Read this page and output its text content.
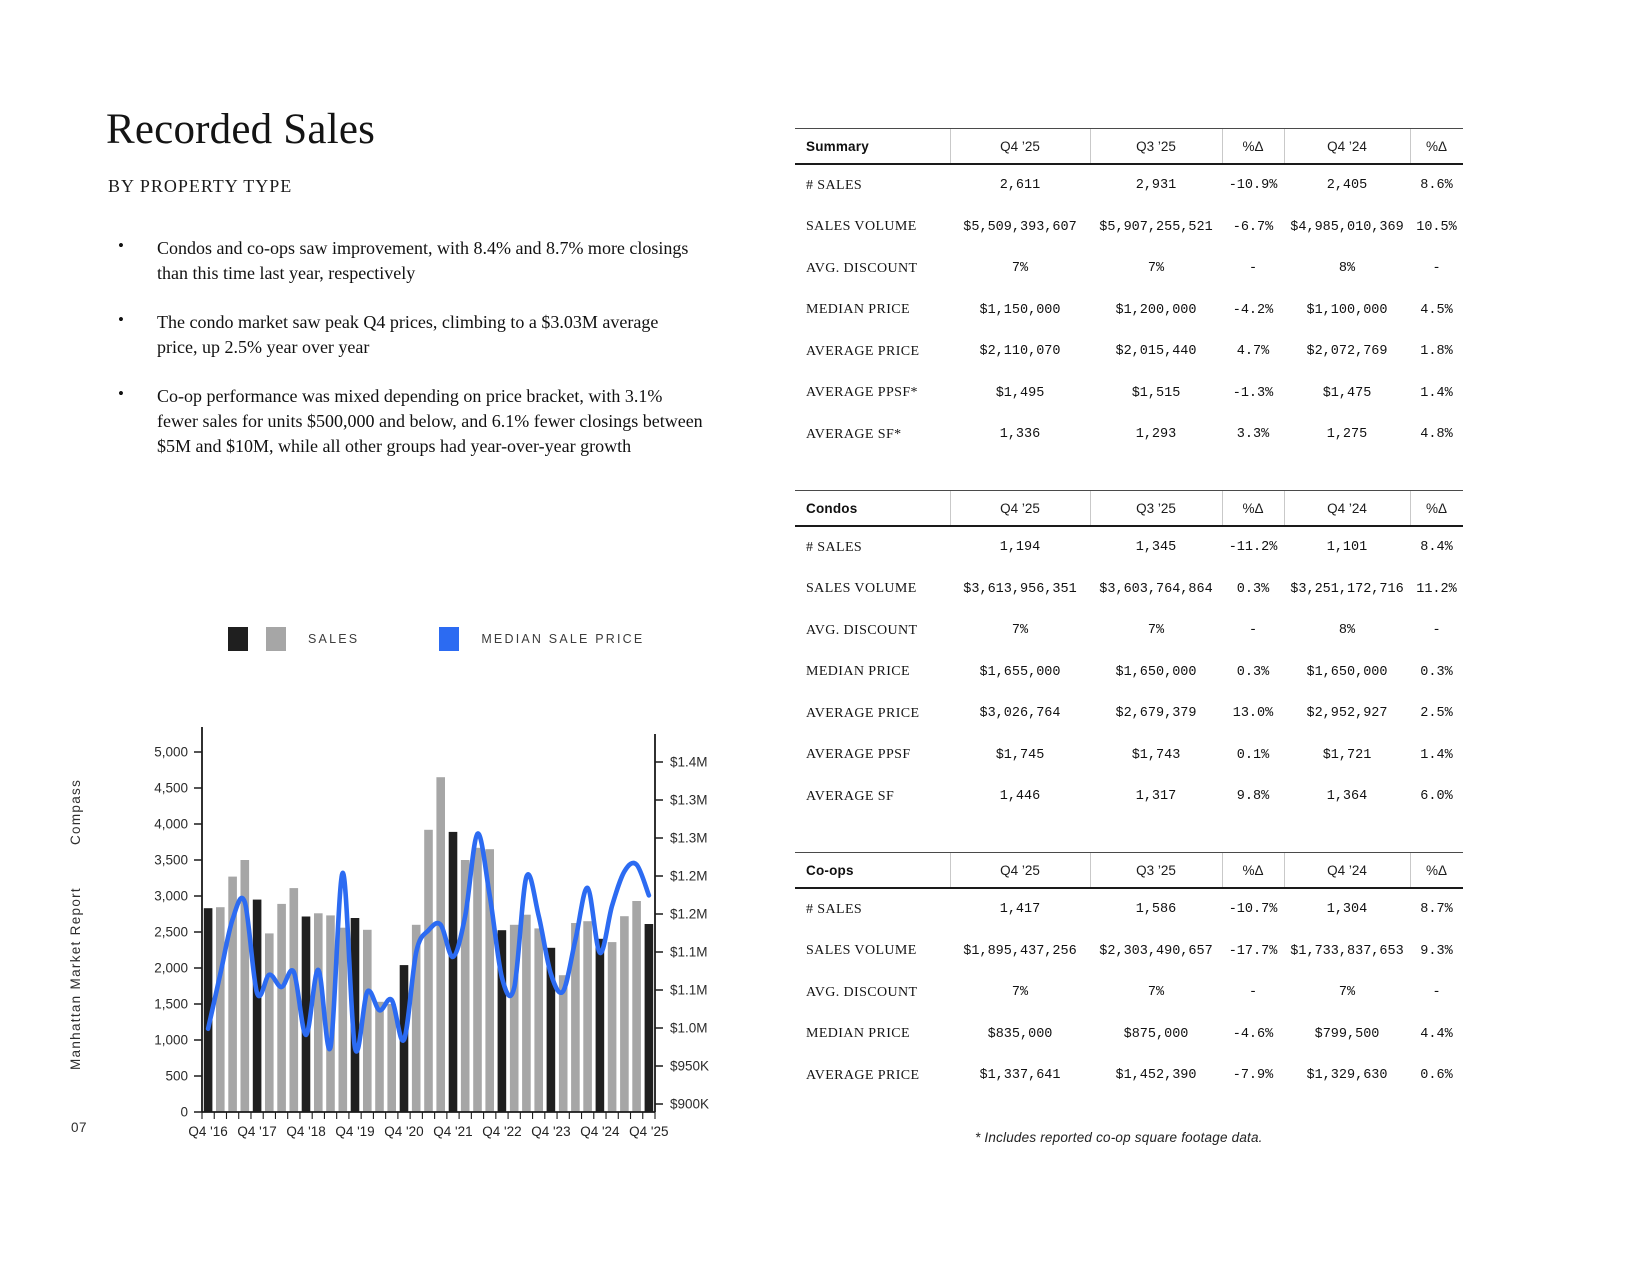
Manhattan Market Report
Compass
07
Recorded Sales
BY PROPERTY TYPE
•	Condos and co-ops saw improvement, with 8.4% and 8.7% more closings than this time last year, respectively
•	The condo market saw peak Q4 prices, climbing to a $3.03M average price, up 2.5% year over year
•	Co-op performance was mixed depending on price bracket, with 3.1% fewer sales for units $500,000 and below, and 6.1% fewer closings between $5M and $10M, while all other groups had year-over-year growth
SALES	MEDIAN SALE PRICE
5,000
4,500
4,000
3,500
3,000
2,500
2,000
1,500
1,000
500
0
$1.4M
$1.3M
$1.3M
$1.2M
$1.2M
$1.1M
$1.1M
$1.0M
$950K
$900K
Q4 '16 Q4 '17 Q4 '18 Q4 '19 Q4 '20 Q4 '21 Q4 '22 Q4 '23 Q4 '24 Q4 '25
Summary	Q4 ’25	Q3 ’25	%Δ	Q4 ’24	%Δ
# SALES	2,611	2,931	-10.9%	2,405	8.6%
SALES VOLUME	$5,509,393,607	$5,907,255,521	-6.7%	$4,985,010,369 10.5%
AVG. DISCOUNT	7%	7%	-	8%	-
MEDIAN PRICE	$1,150,000	$1,200,000	-4.2%	$1,100,000	4.5%
AVERAGE PRICE	$2,110,070	$2,015,440	4.7%	$2,072,769	1.8%
AVERAGE PPSF*	$1,495	$1,515	-1.3%	$1,475	1.4%
AVERAGE SF*	1,336	1,293	3.3%	1,275	4.8%
Condos	Q4 ’25	Q3 ’25	%Δ	Q4 ’24	%Δ
# SALES	1,194	1,345	-11.2%	1,101	8.4%
SALES VOLUME	$3,613,956,351	$3,603,764,864	0.3%	$3,251,172,716 11.2%
AVG. DISCOUNT	7%	7%	-	8%	-
MEDIAN PRICE	$1,655,000	$1,650,000	0.3%	$1,650,000	0.3%
AVERAGE PRICE	$3,026,764	$2,679,379	13.0%	$2,952,927	2.5%
AVERAGE PPSF	$1,745	$1,743	0.1%	$1,721	1.4%
AVERAGE SF	1,446	1,317	9.8%	1,364	6.0%
Co-ops	Q4 ’25	Q3 ’25	%Δ	Q4 ’24	%Δ
# SALES	1,417	1,586	-10.7%	1,304	8.7%
SALES VOLUME	$1,895,437,256	$2,303,490,657	-17.7% $1,733,837,653	9.3%
AVG. DISCOUNT	7%	7%	-	7%	-
MEDIAN PRICE	$835,000	$875,000	-4.6%	$799,500	4.4%
AVERAGE PRICE	$1,337,641	$1,452,390	-7.9%	$1,329,630	0.6%
* Includes reported co-op square footage data.
